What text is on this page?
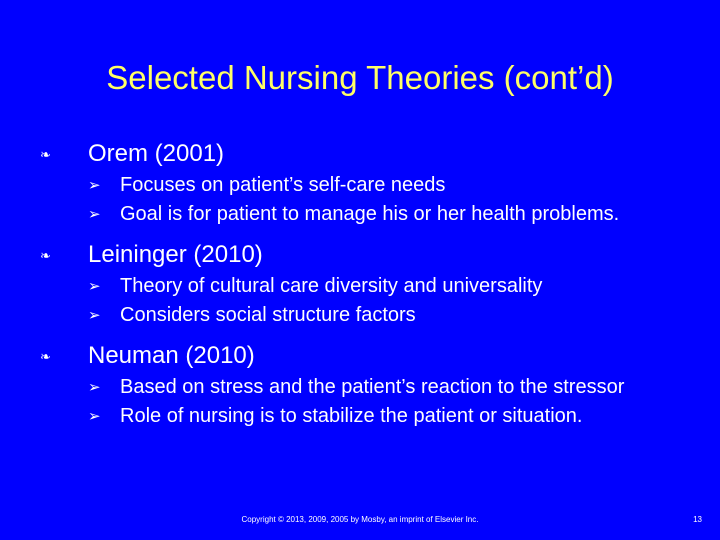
Selected Nursing Theories (cont’d)
❧	Orem (2001)
➢ Focuses on patient’s self-care needs
➢ Goal is for patient to manage his or her health problems.
❧	Leininger (2010)
➢ Theory of cultural care diversity and universality
➢ Considers social structure factors
❧	Neuman (2010)
➢ Based on stress and the patient’s reaction to the stressor
➢ Role of nursing is to stabilize the patient or situation.
Copyright © 2013, 2009, 2005 by Mosby, an imprint of Elsevier Inc.	13
